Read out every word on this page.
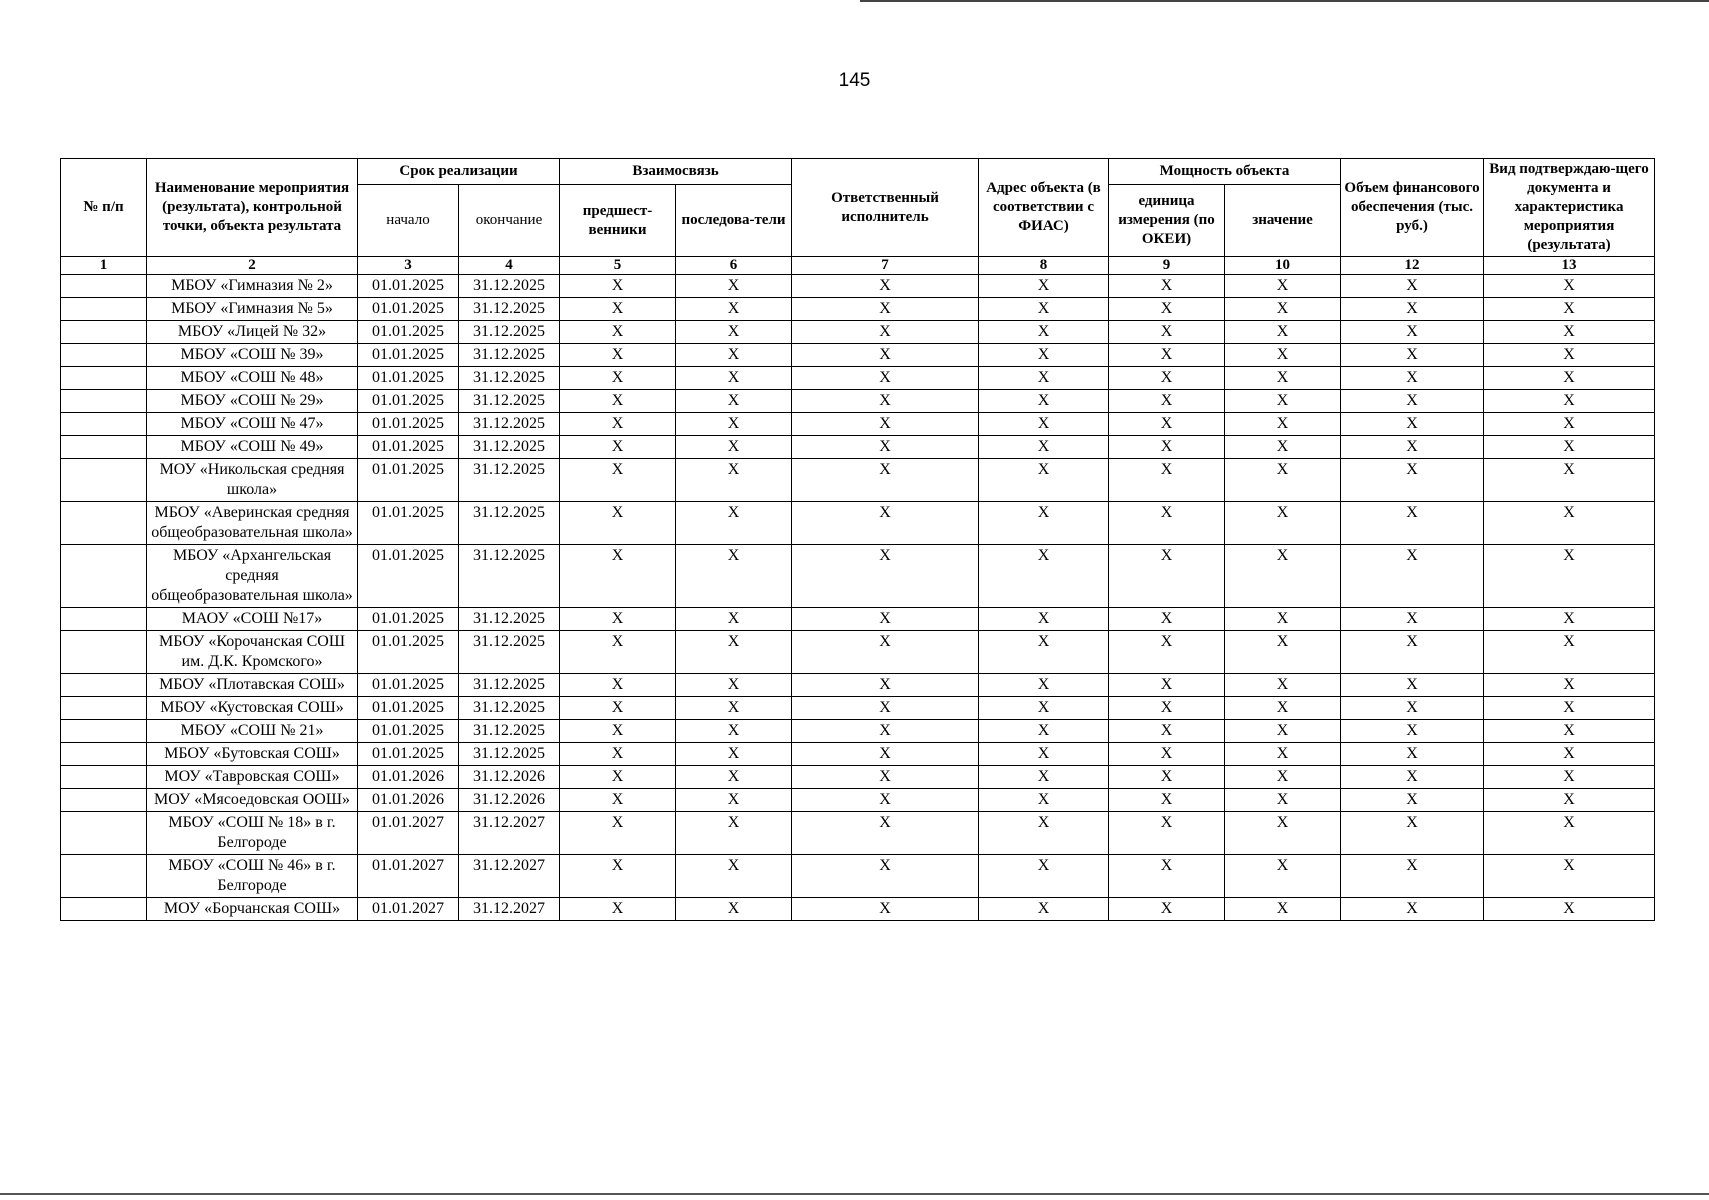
145
№ п/п	Наименование мероприятия (результата), контрольной точки, объекта результата	Срок реализации		Взаимосвязь		Ответственный исполнитель	Адрес объекта (в соответствии с ФИАС)	Мощность объекта		Объем финансового обеспечения (тыс. руб.)	Вид подтверждаю-щего документа и характеристика мероприятия (результата)
		начало	окончание	предшест-венники	последова-тели			единица измерения (по ОКЕИ)	значение		
1	2	3	4	5	6	7	8	9	10	12	13
	МБОУ «Гимназия № 2»	01.01.2025	31.12.2025	X	X	X	X	X	X	X	X
	МБОУ «Гимназия № 5»	01.01.2025	31.12.2025	X	X	X	X	X	X	X	X
	МБОУ «Лицей № 32»	01.01.2025	31.12.2025	X	X	X	X	X	X	X	X
	МБОУ «СОШ № 39»	01.01.2025	31.12.2025	X	X	X	X	X	X	X	X
	МБОУ «СОШ № 48»	01.01.2025	31.12.2025	X	X	X	X	X	X	X	X
	МБОУ «СОШ № 29»	01.01.2025	31.12.2025	X	X	X	X	X	X	X	X
	МБОУ «СОШ № 47»	01.01.2025	31.12.2025	X	X	X	X	X	X	X	X
	МБОУ «СОШ № 49»	01.01.2025	31.12.2025	X	X	X	X	X	X	X	X
	МОУ «Никольская средняя школа»	01.01.2025	31.12.2025	X	X	X	X	X	X	X	X
	МБОУ «Аверинская средняя общеобразовательная школа»	01.01.2025	31.12.2025	X	X	X	X	X	X	X	X
	МБОУ «Архангельская средняя общеобразовательная школа»	01.01.2025	31.12.2025	X	X	X	X	X	X	X	X
	МАОУ «СОШ №17»	01.01.2025	31.12.2025	X	X	X	X	X	X	X	X
	МБОУ «Корочанская СОШ им. Д.К. Кромского»	01.01.2025	31.12.2025	X	X	X	X	X	X	X	X
	МБОУ «Плотавская СОШ»	01.01.2025	31.12.2025	X	X	X	X	X	X	X	X
	МБОУ «Кустовская СОШ»	01.01.2025	31.12.2025	X	X	X	X	X	X	X	X
	МБОУ «СОШ № 21»	01.01.2025	31.12.2025	X	X	X	X	X	X	X	X
	МБОУ «Бутовская СОШ»	01.01.2025	31.12.2025	X	X	X	X	X	X	X	X
	МОУ «Тавровская СОШ»	01.01.2026	31.12.2026	X	X	X	X	X	X	X	X
	МОУ «Мясоедовская ООШ»	01.01.2026	31.12.2026	X	X	X	X	X	X	X	X
	МБОУ «СОШ № 18» в г. Белгороде	01.01.2027	31.12.2027	X	X	X	X	X	X	X	X
	МБОУ «СОШ № 46» в г. Белгороде	01.01.2027	31.12.2027	X	X	X	X	X	X	X	X
	МОУ «Борчанская СОШ»	01.01.2027	31.12.2027	X	X	X	X	X	X	X	X
